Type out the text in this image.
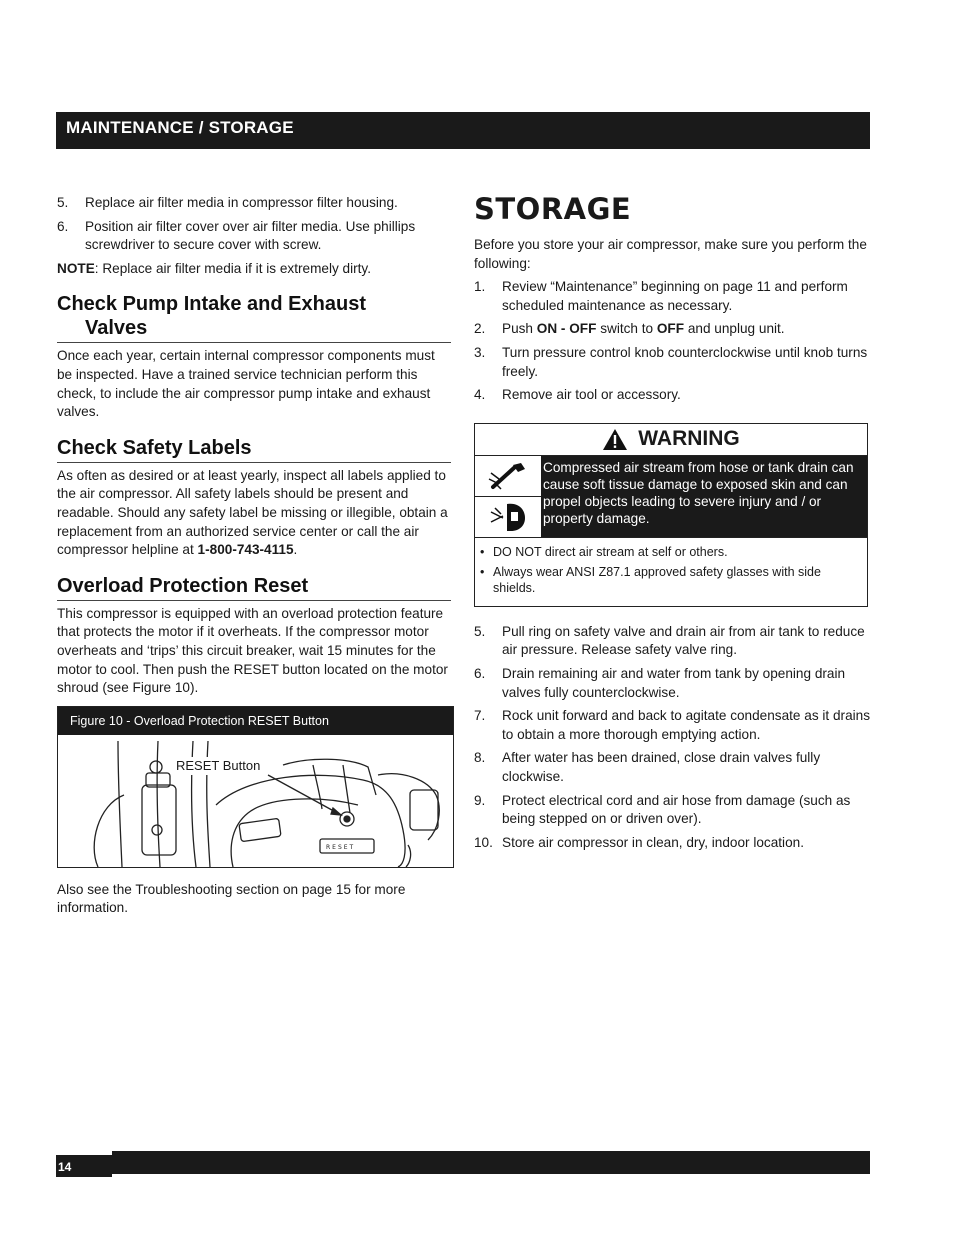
MAINTENANCE / STORAGE
5. Replace air filter media in compressor filter housing.
6. Position air filter cover over air filter media. Use phillips screwdriver to secure cover with screw.

NOTE: Replace air filter media if it is extremely dirty.

Check Pump Intake and Exhaust
Valves

Once each year, certain internal compressor components must be inspected. Have a trained service technician perform this check, to include the air compressor pump intake and exhaust valves.

Check Safety Labels

As often as desired or at least yearly, inspect all labels applied to the air compressor. All safety labels should be present and readable. Should any safety label be missing or illegible, obtain a replacement from an authorized service center or call the air compressor helpline at 1-800-743-4115.

Overload Protection Reset

This compressor is equipped with an overload protection feature that protects the motor if it overheats. If the compressor motor overheats and ‘trips’ this circuit breaker, wait 15 minutes for the motor to cool. Then push the RESET button located on the motor shroud (see Figure 10).

Figure 10 - Overload Protection RESET Button
RESET
RESET Button

Also see the Troubleshooting section on page 15 for more information.

STORAGE

Before you store your air compressor, make sure you perform the following:

1. Review “Maintenance” beginning on page 11 and perform scheduled maintenance as necessary.
2. Push ON - OFF switch to OFF and unplug unit.
3. Turn pressure control knob counterclockwise until knob turns freely.
4. Remove air tool or accessory.
WARNING
Compressed air stream from hose or tank drain can cause soft tissue damage to exposed skin and can propel objects leading to severe injury and / or property damage.
• DO NOT direct air stream at self or others.
• Always wear ANSI Z87.1 approved safety glasses with side shields.
5. Pull ring on safety valve and drain air from air tank to reduce air pressure. Release safety valve ring.
6. Drain remaining air and water from tank by opening drain valves fully counterclockwise.
7. Rock unit forward and back to agitate condensate as it drains to obtain a more thorough emptying action.
8. After water has been drained, close drain valves fully clockwise.
9. Protect electrical cord and air hose from damage (such as being stepped on or driven over).
10. Store air compressor in clean, dry, indoor location.
14
